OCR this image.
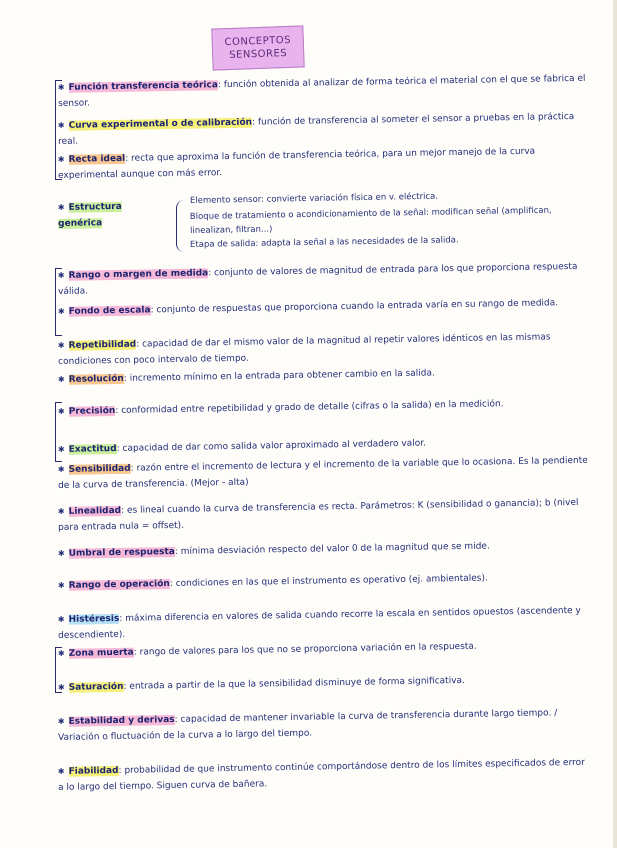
CONCEPTOS
SENSORES
✱ Función transferencia teórica: función obtenida al analizar de forma teórica el material con el que se fabrica el sensor.
✱ Curva experimental o de calibración: función de transferencia al someter el sensor a pruebas en la práctica real.
✱ Recta ideal: recta que aproxima la función de transferencia teórica, para un mejor manejo de la curva experimental aunque con más error.
✱ Estructura genérica
Elemento sensor: convierte variación física en v. eléctrica.
Bloque de tratamiento o acondicionamiento de la señal: modifican señal (amplifican, linealizan, filtran...)
Etapa de salida: adapta la señal a las necesidades de la salida.
✱ Rango o margen de medida: conjunto de valores de magnitud de entrada para los que proporciona respuesta válida.
✱ Fondo de escala: conjunto de respuestas que proporciona cuando la entrada varía en su rango de medida.
✱ Repetibilidad: capacidad de dar el mismo valor de la magnitud al repetir valores idénticos en las mismas condiciones con poco intervalo de tiempo.
✱ Resolución: incremento mínimo en la entrada para obtener cambio en la salida.
✱ Precisión: conformidad entre repetibilidad y grado de detalle (cifras o la salida) en la medición.
✱ Exactitud: capacidad de dar como salida valor aproximado al verdadero valor.
✱ Sensibilidad: razón entre el incremento de lectura y el incremento de la variable que lo ocasiona. Es la pendiente de la curva de transferencia. (Mejor - alta)
✱ Linealidad: es lineal cuando la curva de transferencia es recta. Parámetros: K (sensibilidad o ganancia); b (nivel para entrada nula = offset).
✱ Umbral de respuesta: mínima desviación respecto del valor 0 de la magnitud que se mide.
✱ Rango de operación: condiciones en las que el instrumento es operativo (ej. ambientales).
✱ Histéresis: máxima diferencia en valores de salida cuando recorre la escala en sentidos opuestos (ascendente y descendiente).
✱ Zona muerta: rango de valores para los que no se proporciona variación en la respuesta.
✱ Saturación: entrada a partir de la que la sensibilidad disminuye de forma significativa.
✱ Estabilidad y derivas: capacidad de mantener invariable la curva de transferencia durante largo tiempo. / Variación o fluctuación de la curva a lo largo del tiempo.
✱ Fiabilidad: probabilidad de que instrumento continúe comportándose dentro de los límites especificados de error a lo largo del tiempo. Siguen curva de bañera.
